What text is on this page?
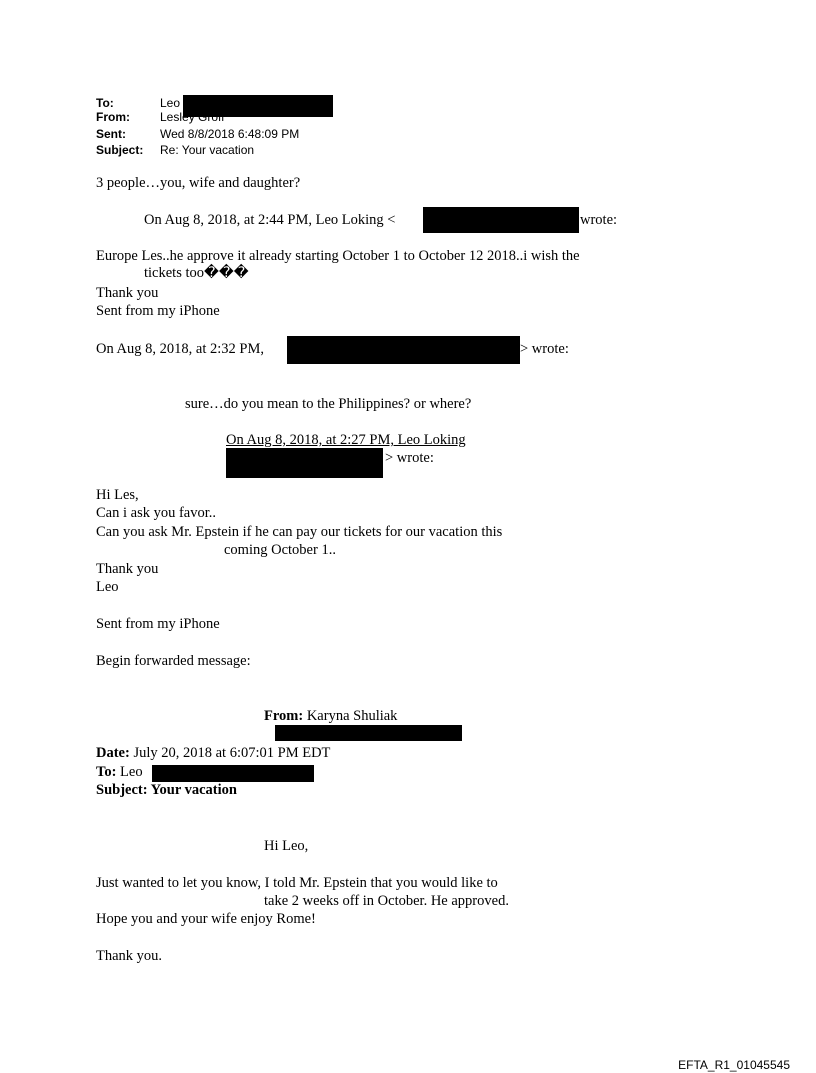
To:	Leo
From:	Lesley Groff
Sent:	Wed 8/8/2018 6:48:09 PM
Subject: Re: Your vacation
3 people…you, wife and daughter?
On Aug 8, 2018, at 2:44 PM, Leo Loking <	wrote:
Europe Les..he approve it already starting October 1 to October 12 2018..i wish the
tickets too���
Thank you
Sent from my iPhone
On Aug 8, 2018, at 2:32 PM,	> wrote:
sure…do you mean to the Philippines? or where?
On Aug 8, 2018, at 2:27 PM, Leo Loking
> wrote:
Hi Les,
Can i ask you favor..
Can you ask Mr. Epstein if he can pay our tickets for our vacation this
coming October 1..
Thank you
Leo
Sent from my iPhone
Begin forwarded message:
From: Karyna Shuliak
Date: July 20, 2018 at 6:07:01 PM EDT
To: Leo
Subject: Your vacation
Hi Leo,
Just wanted to let you know, I told Mr. Epstein that you would like to
take 2 weeks off in October. He approved.
Hope you and your wife enjoy Rome!
Thank you.
EFTA_R1_01045545
